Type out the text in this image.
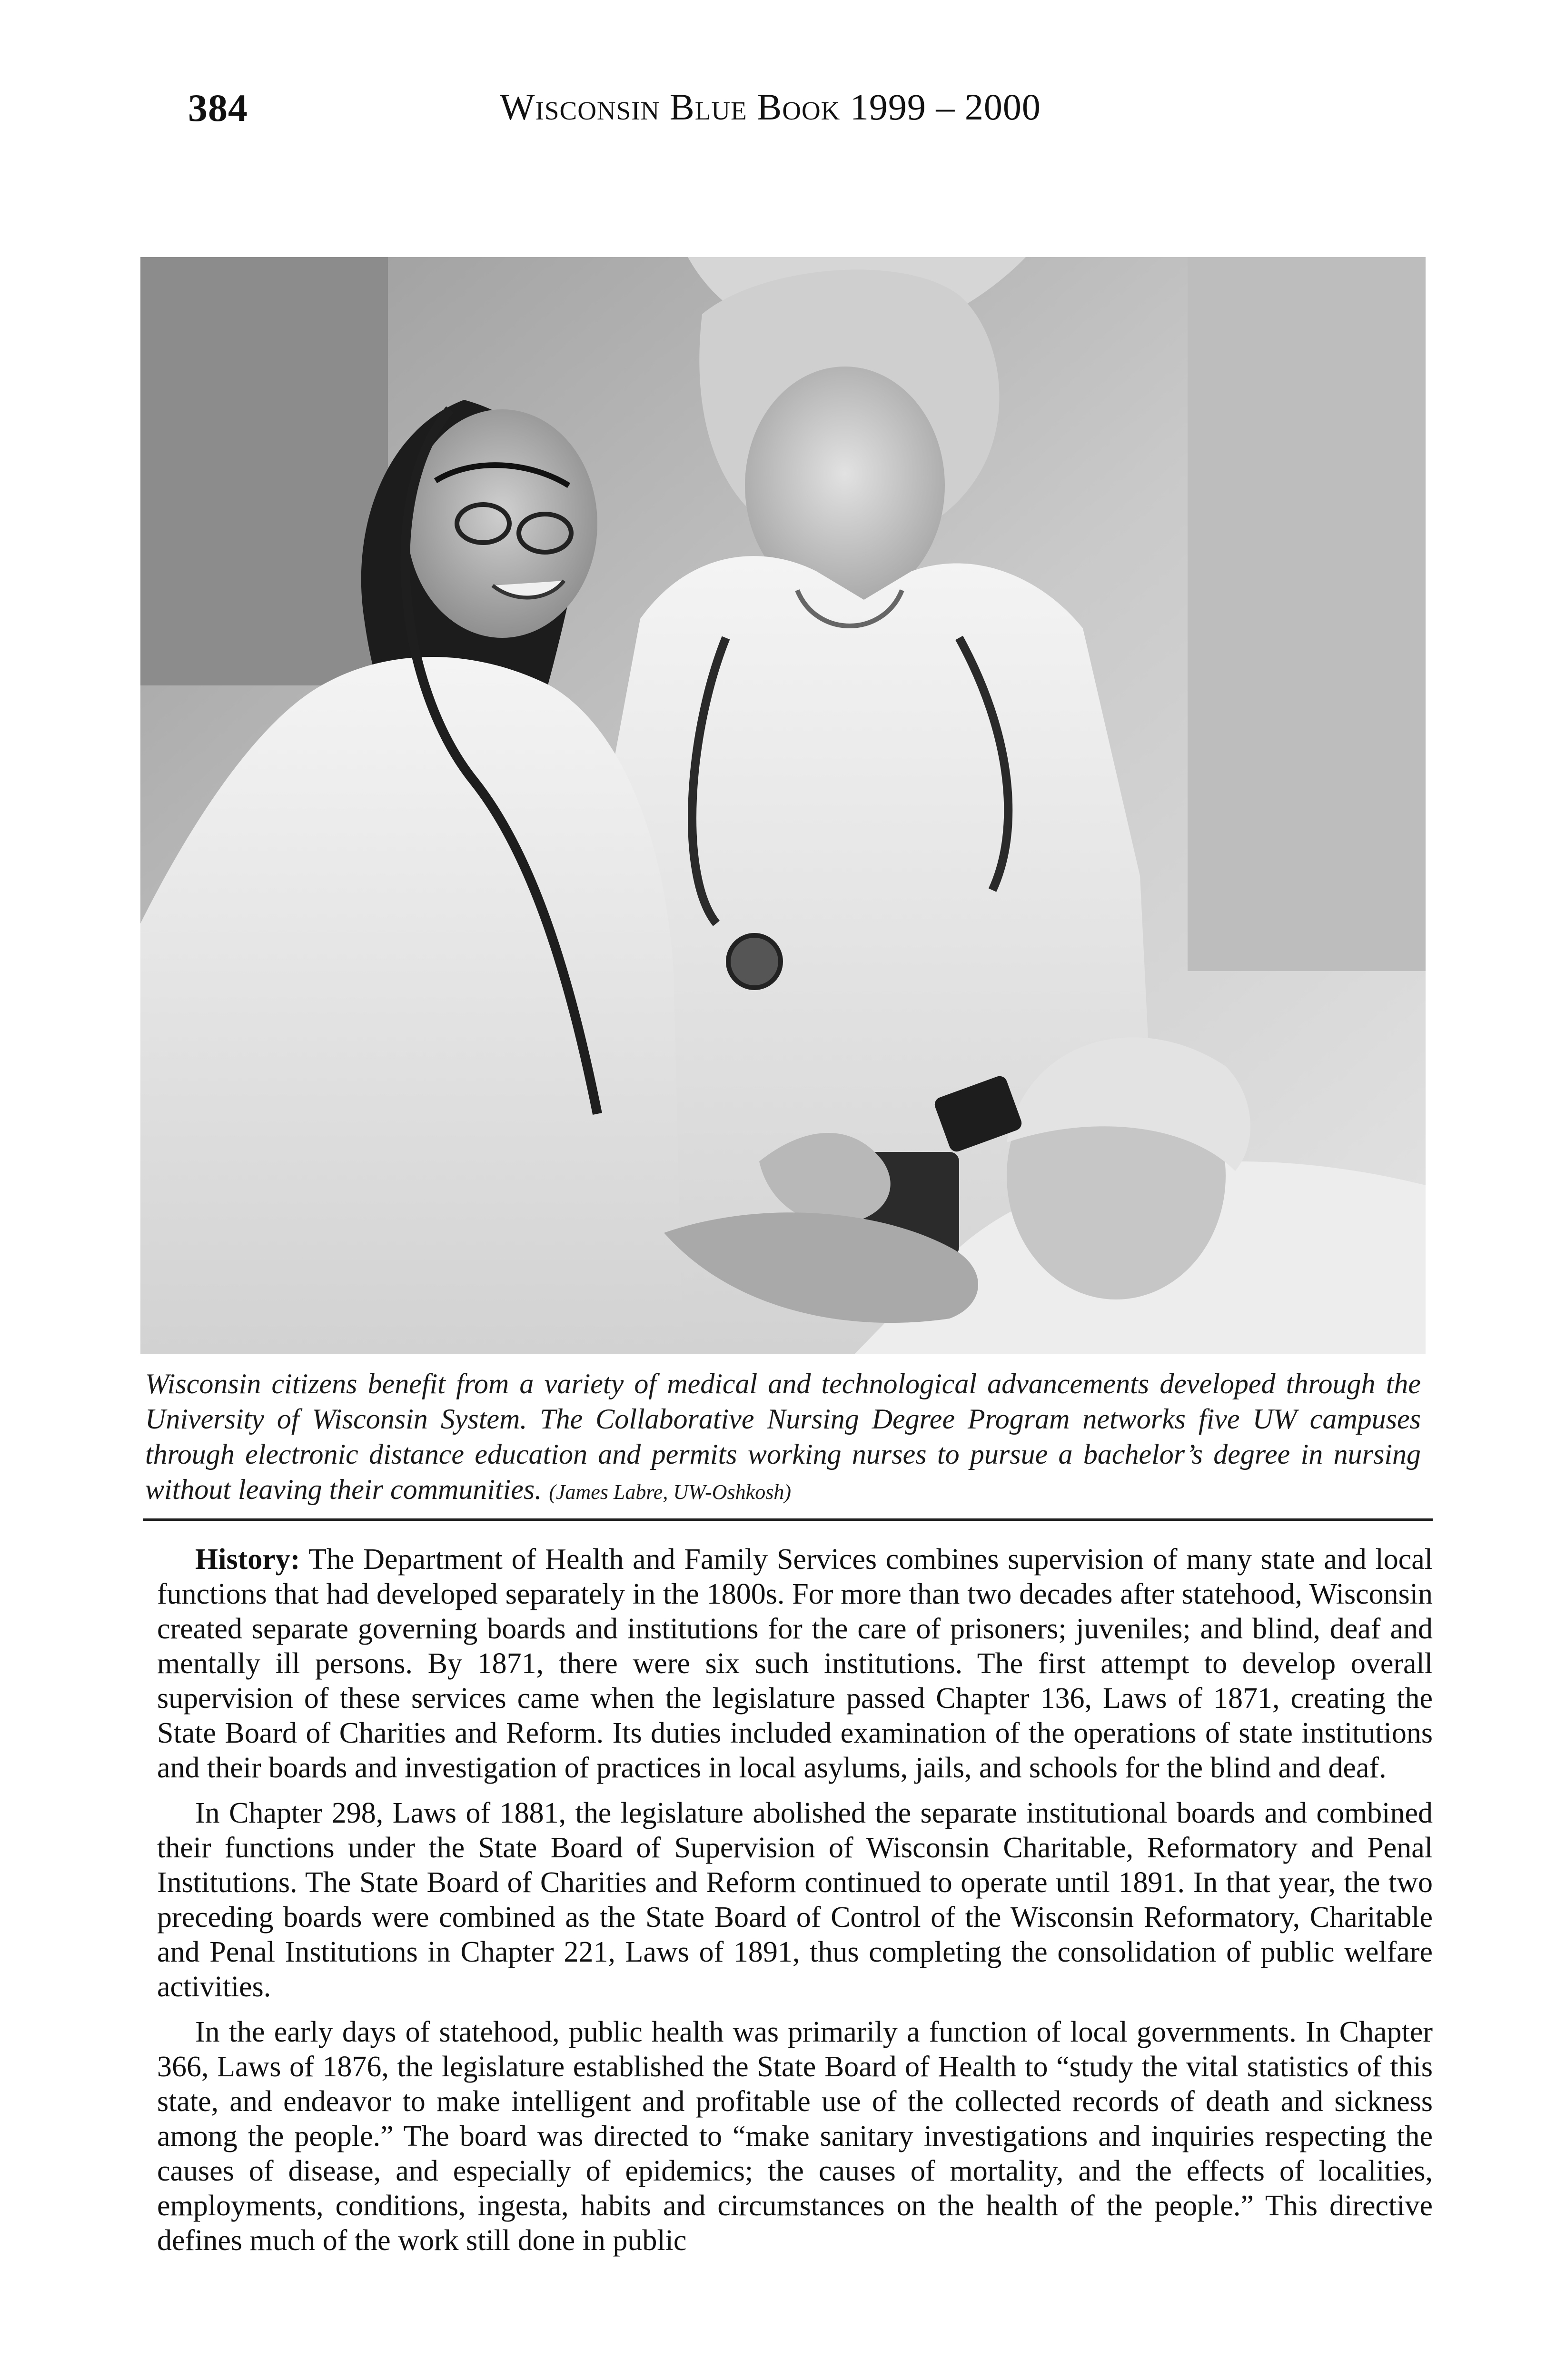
384	Wisconsin Blue Book 1999 – 2000

Wisconsin citizens benefit from a variety of medical and technological advancements developed through the University of Wisconsin System. The Collaborative Nursing Degree Program networks five UW campuses through electronic distance education and permits working nurses to pursue a bachelor’s degree in nursing without leaving their communities. (James Labre, UW-Oshkosh)

History: The Department of Health and Family Services combines supervision of many state and local functions that had developed separately in the 1800s. For more than two decades after statehood, Wisconsin created separate governing boards and institutions for the care of prisoners; juveniles; and blind, deaf and mentally ill persons. By 1871, there were six such institutions. The first attempt to develop overall supervision of these services came when the legislature passed Chapter 136, Laws of 1871, creating the State Board of Charities and Reform. Its duties included examination of the operations of state institutions and their boards and investigation of practices in local asylums, jails, and schools for the blind and deaf.

In Chapter 298, Laws of 1881, the legislature abolished the separate institutional boards and combined their functions under the State Board of Supervision of Wisconsin Charitable, Reformatory and Penal Institutions. The State Board of Charities and Reform continued to operate until 1891. In that year, the two preceding boards were combined as the State Board of Control of the Wisconsin Reformatory, Charitable and Penal Institutions in Chapter 221, Laws of 1891, thus completing the consolidation of public welfare activities.

In the early days of statehood, public health was primarily a function of local governments. In Chapter 366, Laws of 1876, the legislature established the State Board of Health to “study the vital statistics of this state, and endeavor to make intelligent and profitable use of the collected records of death and sickness among the people.” The board was directed to “make sanitary investigations and inquiries respecting the causes of disease, and especially of epidemics; the causes of mortality, and the effects of localities, employments, conditions, ingesta, habits and circumstances on the health of the people.” This directive defines much of the work still done in public
